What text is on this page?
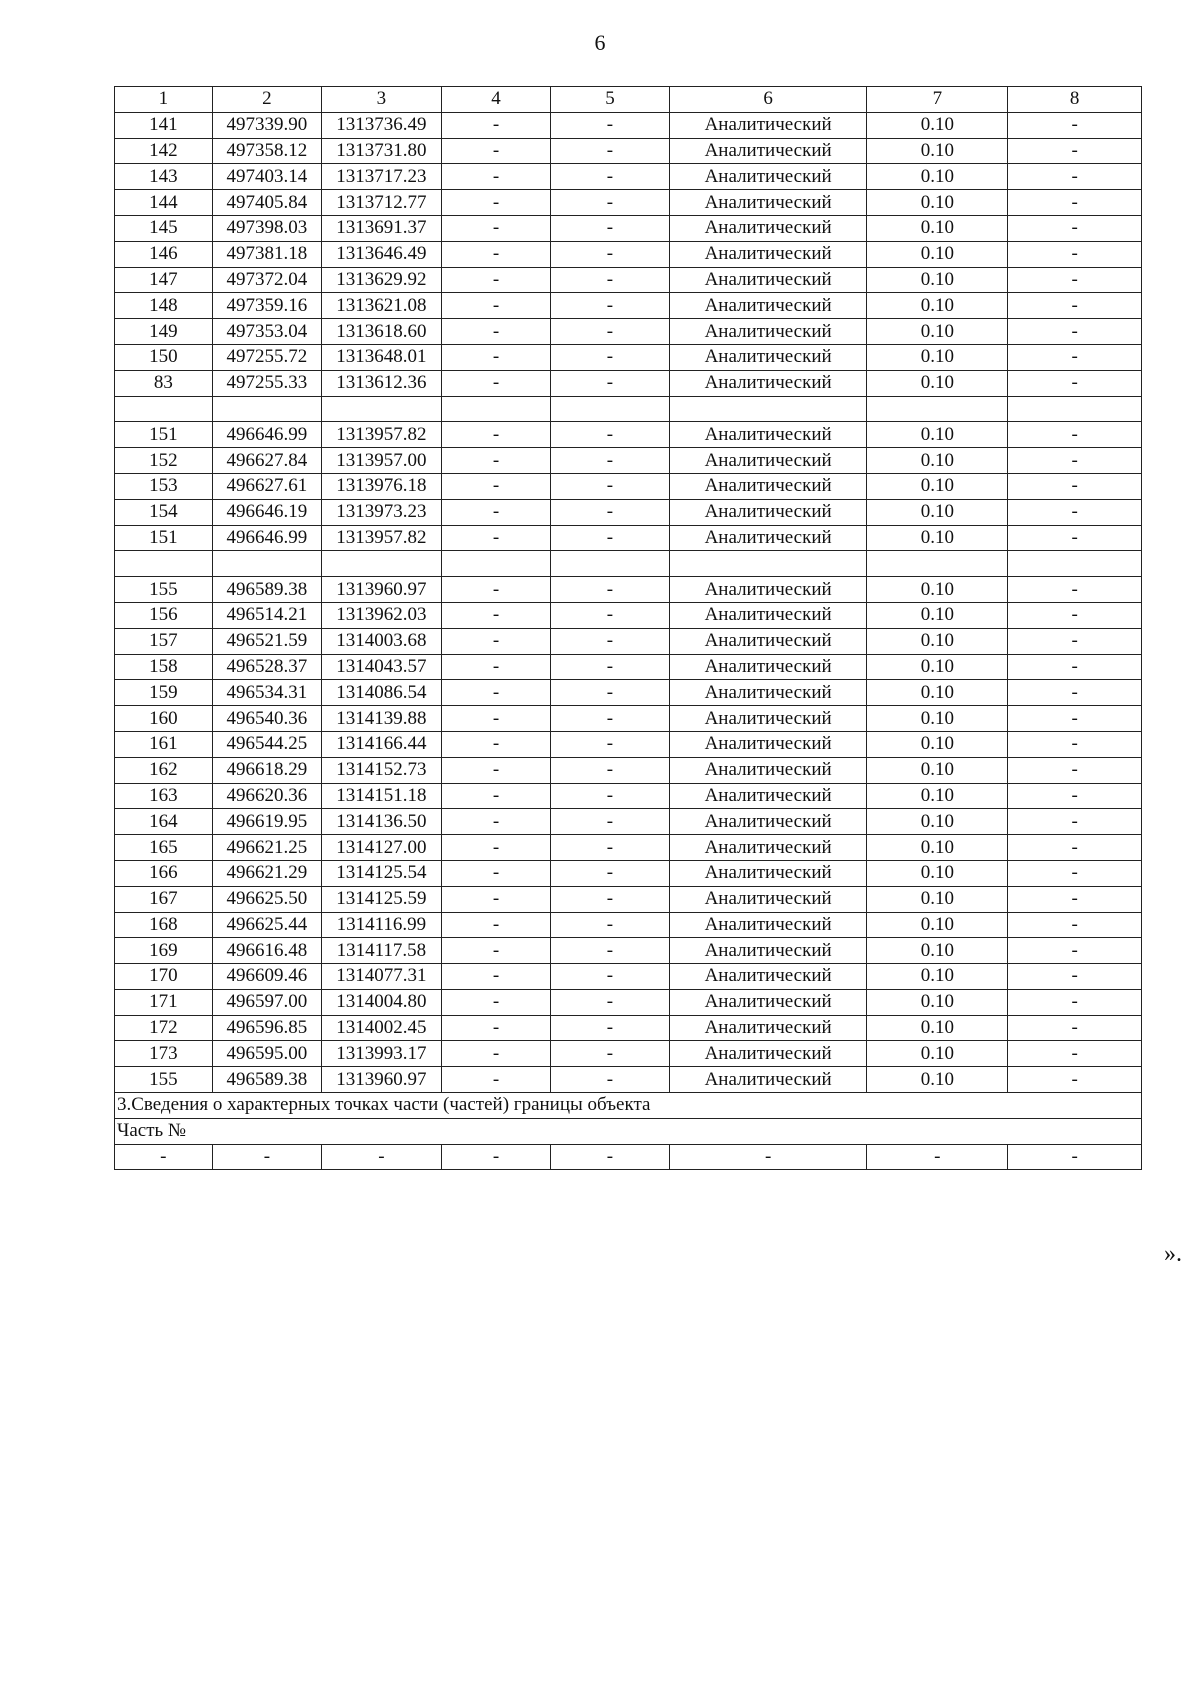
6
1	2	3	4	5	6	7	8
141	497339.90	1313736.49	-	-	Аналитический	0.10	-
142	497358.12	1313731.80	-	-	Аналитический	0.10	-
143	497403.14	1313717.23	-	-	Аналитический	0.10	-
144	497405.84	1313712.77	-	-	Аналитический	0.10	-
145	497398.03	1313691.37	-	-	Аналитический	0.10	-
146	497381.18	1313646.49	-	-	Аналитический	0.10	-
147	497372.04	1313629.92	-	-	Аналитический	0.10	-
148	497359.16	1313621.08	-	-	Аналитический	0.10	-
149	497353.04	1313618.60	-	-	Аналитический	0.10	-
150	497255.72	1313648.01	-	-	Аналитический	0.10	-
83	497255.33	1313612.36	-	-	Аналитический	0.10	-

151	496646.99	1313957.82	-	-	Аналитический	0.10	-
152	496627.84	1313957.00	-	-	Аналитический	0.10	-
153	496627.61	1313976.18	-	-	Аналитический	0.10	-
154	496646.19	1313973.23	-	-	Аналитический	0.10	-
151	496646.99	1313957.82	-	-	Аналитический	0.10	-

155	496589.38	1313960.97	-	-	Аналитический	0.10	-
156	496514.21	1313962.03	-	-	Аналитический	0.10	-
157	496521.59	1314003.68	-	-	Аналитический	0.10	-
158	496528.37	1314043.57	-	-	Аналитический	0.10	-
159	496534.31	1314086.54	-	-	Аналитический	0.10	-
160	496540.36	1314139.88	-	-	Аналитический	0.10	-
161	496544.25	1314166.44	-	-	Аналитический	0.10	-
162	496618.29	1314152.73	-	-	Аналитический	0.10	-
163	496620.36	1314151.18	-	-	Аналитический	0.10	-
164	496619.95	1314136.50	-	-	Аналитический	0.10	-
165	496621.25	1314127.00	-	-	Аналитический	0.10	-
166	496621.29	1314125.54	-	-	Аналитический	0.10	-
167	496625.50	1314125.59	-	-	Аналитический	0.10	-
168	496625.44	1314116.99	-	-	Аналитический	0.10	-
169	496616.48	1314117.58	-	-	Аналитический	0.10	-
170	496609.46	1314077.31	-	-	Аналитический	0.10	-
171	496597.00	1314004.80	-	-	Аналитический	0.10	-
172	496596.85	1314002.45	-	-	Аналитический	0.10	-
173	496595.00	1313993.17	-	-	Аналитический	0.10	-
155	496589.38	1313960.97	-	-	Аналитический	0.10	-
3.Сведения о характерных точках части (частей) границы объекта							
Часть №							
-	-	-	-	-	-	-	-
».
